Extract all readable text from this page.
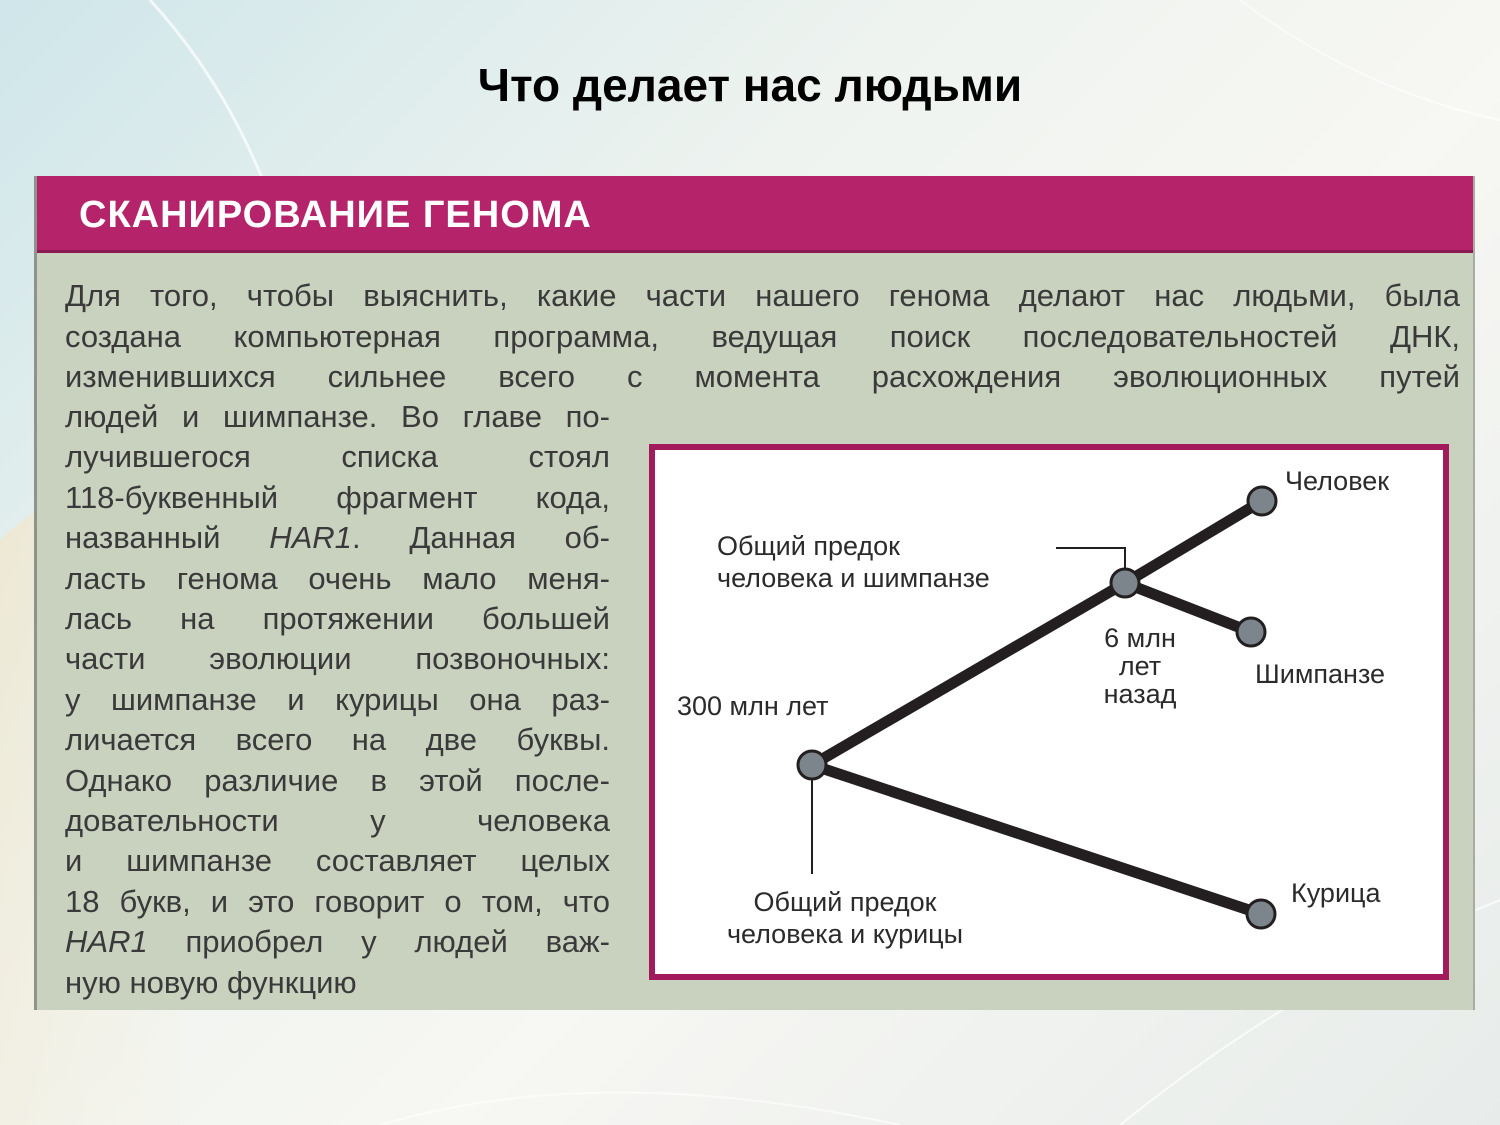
Что делает нас людьми
СКАНИРОВАНИЕ ГЕНОМА
Для того, чтобы выяснить, какие части нашего генома делают нас людьми, была
создана компьютерная программа, ведущая поиск последовательностей ДНК,
изменившихся сильнее всего с момента расхождения эволюционных путей
людей и шимпанзе. Во главе по-
лучившегося списка стоял
118-буквенный фрагмент кода,
названный HAR1. Данная об-
ласть генома очень мало меня-
лась на протяжении большей
части эволюции позвоночных:
у шимпанзе и курицы она раз-
личается всего на две буквы.
Однако различие в этой после-
довательности у человека
и шимпанзе составляет целых
18 букв, и это говорит о том, что
HAR1 приобрел у людей важ-
ную новую функцию
Человек
Шимпанзе
Курица
Общий предок
человека и шимпанзе
Общий предок
человека и курицы
300 млн лет
6 млн
лет
назад
